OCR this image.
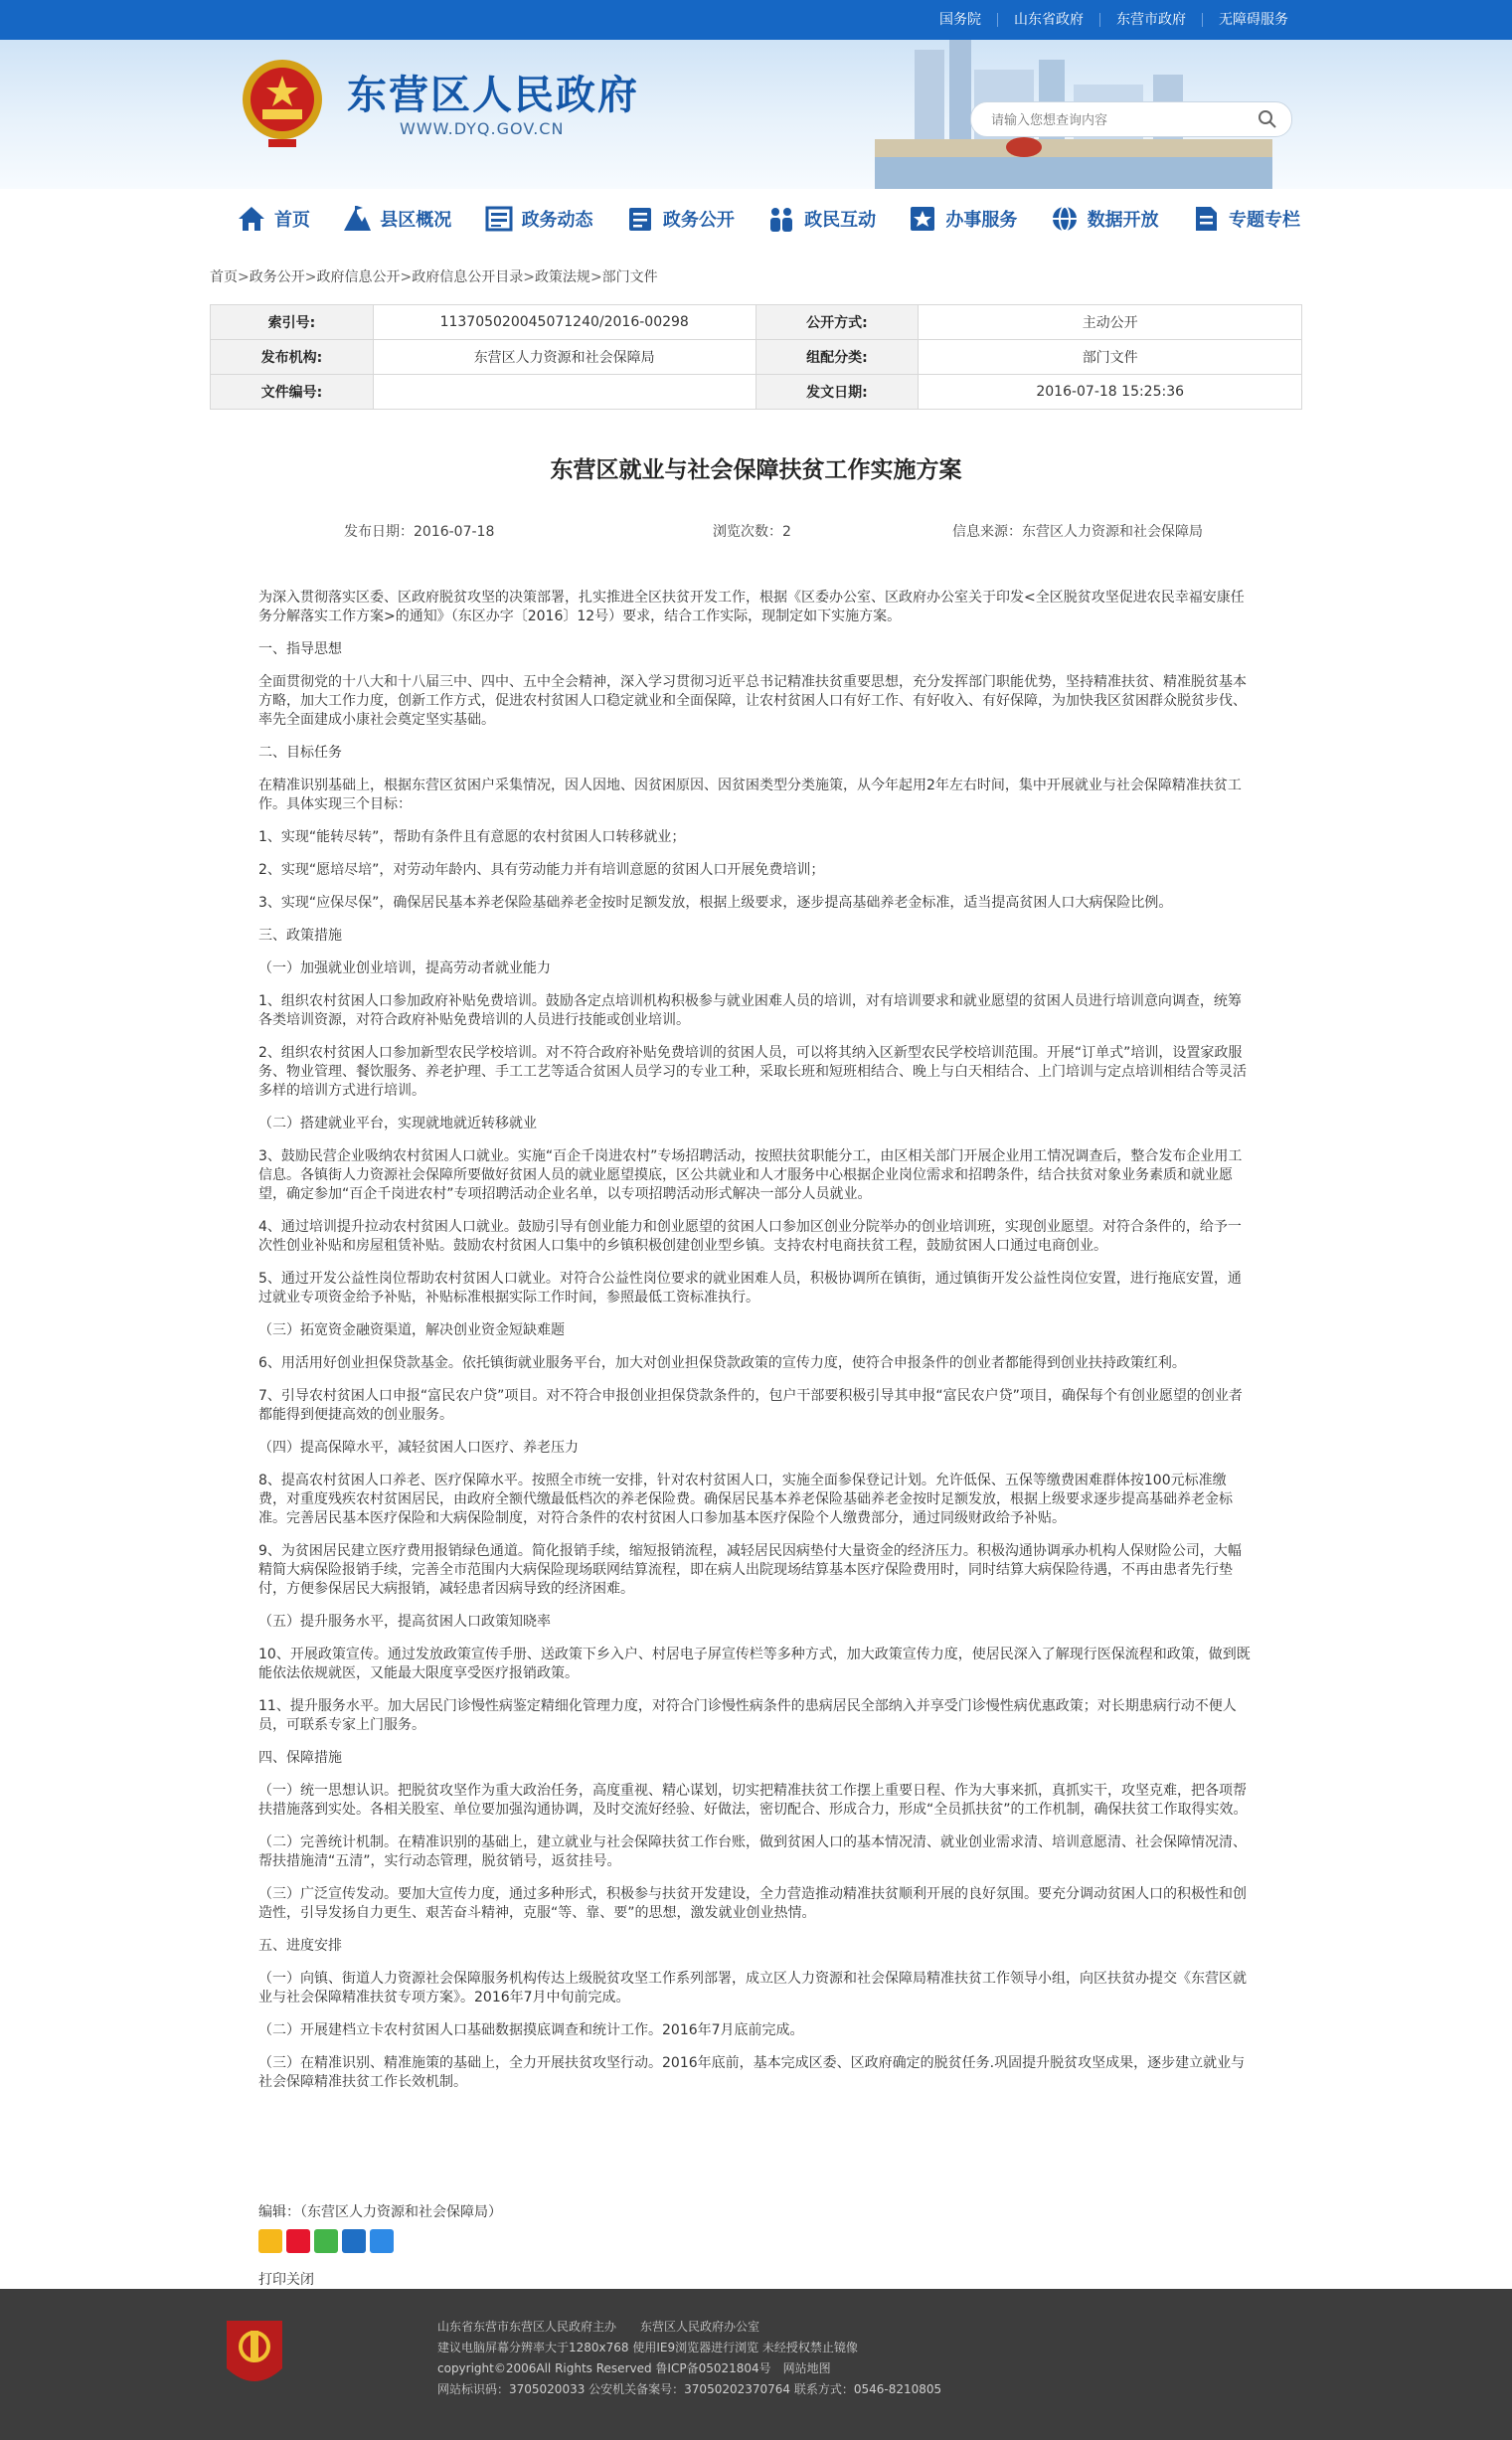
国务院	山东省政府	东营市政府	无障碍服务
东营区人民政府
WWW.DYQ.GOV.CN
请输入您想查询内容
首页	县区概况	政务动态	政务公开	政民互动	办事服务	数据开放	专题专栏
首页>政务公开>政府信息公开>政府信息公开目录>政策法规>部门文件
索引号:	113705020045071240/2016-00298	公开方式:	主动公开
发布机构:	东营区人力资源和社会保障局	组配分类:	部门文件
文件编号:		发文日期:	2016-07-18 15:25:36
东营区就业与社会保障扶贫工作实施方案
发布日期：2016-07-18	浏览次数：2	信息来源：东营区人力资源和社会保障局

为深入贯彻落实区委、区政府脱贫攻坚的决策部署，扎实推进全区扶贫开发工作，根据《区委办公室、区政府办公室关于印发<全区脱贫攻坚促进农民幸福安康任务分解落实工作方案>的通知》（东区办字〔2016〕12号）要求，结合工作实际，现制定如下实施方案。

一、指导思想

全面贯彻党的十八大和十八届三中、四中、五中全会精神，深入学习贯彻习近平总书记精准扶贫重要思想，充分发挥部门职能优势，坚持精准扶贫、精准脱贫基本方略，加大工作力度，创新工作方式，促进农村贫困人口稳定就业和全面保障，让农村贫困人口有好工作、有好收入、有好保障，为加快我区贫困群众脱贫步伐、率先全面建成小康社会奠定坚实基础。

二、目标任务

在精准识别基础上，根据东营区贫困户采集情况，因人因地、因贫困原因、因贫困类型分类施策，从今年起用2年左右时间，集中开展就业与社会保障精准扶贫工作。具体实现三个目标：

1、实现“能转尽转”，帮助有条件且有意愿的农村贫困人口转移就业；

2、实现“愿培尽培”，对劳动年龄内、具有劳动能力并有培训意愿的贫困人口开展免费培训；

3、实现“应保尽保”，确保居民基本养老保险基础养老金按时足额发放，根据上级要求，逐步提高基础养老金标准，适当提高贫困人口大病保险比例。

三、政策措施

（一）加强就业创业培训，提高劳动者就业能力

1、组织农村贫困人口参加政府补贴免费培训。鼓励各定点培训机构积极参与就业困难人员的培训，对有培训要求和就业愿望的贫困人员进行培训意向调查，统筹各类培训资源，对符合政府补贴免费培训的人员进行技能或创业培训。

2、组织农村贫困人口参加新型农民学校培训。对不符合政府补贴免费培训的贫困人员，可以将其纳入区新型农民学校培训范围。开展“订单式”培训，设置家政服务、物业管理、餐饮服务、养老护理、手工工艺等适合贫困人员学习的专业工种，采取长班和短班相结合、晚上与白天相结合、上门培训与定点培训相结合等灵活多样的培训方式进行培训。

（二）搭建就业平台，实现就地就近转移就业

3、鼓励民营企业吸纳农村贫困人口就业。实施“百企千岗进农村”专场招聘活动，按照扶贫职能分工，由区相关部门开展企业用工情况调查后，整合发布企业用工信息。各镇街人力资源社会保障所要做好贫困人员的就业愿望摸底，区公共就业和人才服务中心根据企业岗位需求和招聘条件，结合扶贫对象业务素质和就业愿望，确定参加“百企千岗进农村”专项招聘活动企业名单，以专项招聘活动形式解决一部分人员就业。

4、通过培训提升拉动农村贫困人口就业。鼓励引导有创业能力和创业愿望的贫困人口参加区创业分院举办的创业培训班，实现创业愿望。对符合条件的，给予一次性创业补贴和房屋租赁补贴。鼓励农村贫困人口集中的乡镇积极创建创业型乡镇。支持农村电商扶贫工程，鼓励贫困人口通过电商创业。

5、通过开发公益性岗位帮助农村贫困人口就业。对符合公益性岗位要求的就业困难人员，积极协调所在镇街，通过镇街开发公益性岗位安置，进行拖底安置，通过就业专项资金给予补贴，补贴标准根据实际工作时间，参照最低工资标准执行。

（三）拓宽资金融资渠道，解决创业资金短缺难题

6、用活用好创业担保贷款基金。依托镇街就业服务平台，加大对创业担保贷款政策的宣传力度，使符合申报条件的创业者都能得到创业扶持政策红利。

7、引导农村贫困人口申报“富民农户贷”项目。对不符合申报创业担保贷款条件的，包户干部要积极引导其申报“富民农户贷”项目，确保每个有创业愿望的创业者都能得到便捷高效的创业服务。

（四）提高保障水平，减轻贫困人口医疗、养老压力

8、提高农村贫困人口养老、医疗保障水平。按照全市统一安排，针对农村贫困人口，实施全面参保登记计划。允许低保、五保等缴费困难群体按100元标准缴费，对重度残疾农村贫困居民，由政府全额代缴最低档次的养老保险费。确保居民基本养老保险基础养老金按时足额发放，根据上级要求逐步提高基础养老金标准。完善居民基本医疗保险和大病保险制度，对符合条件的农村贫困人口参加基本医疗保险个人缴费部分，通过同级财政给予补贴。

9、为贫困居民建立医疗费用报销绿色通道。简化报销手续，缩短报销流程，减轻居民因病垫付大量资金的经济压力。积极沟通协调承办机构人保财险公司，大幅精简大病保险报销手续，完善全市范围内大病保险现场联网结算流程，即在病人出院现场结算基本医疗保险费用时，同时结算大病保险待遇，不再由患者先行垫付，方便参保居民大病报销，减轻患者因病导致的经济困难。

（五）提升服务水平，提高贫困人口政策知晓率

10、开展政策宣传。通过发放政策宣传手册、送政策下乡入户、村居电子屏宣传栏等多种方式，加大政策宣传力度，使居民深入了解现行医保流程和政策，做到既能依法依规就医，又能最大限度享受医疗报销政策。

11、提升服务水平。加大居民门诊慢性病鉴定精细化管理力度，对符合门诊慢性病条件的患病居民全部纳入并享受门诊慢性病优惠政策；对长期患病行动不便人员，可联系专家上门服务。

四、保障措施

（一）统一思想认识。把脱贫攻坚作为重大政治任务，高度重视、精心谋划，切实把精准扶贫工作摆上重要日程、作为大事来抓，真抓实干，攻坚克难，把各项帮扶措施落到实处。各相关股室、单位要加强沟通协调，及时交流好经验、好做法，密切配合、形成合力，形成“全员抓扶贫”的工作机制，确保扶贫工作取得实效。

（二）完善统计机制。在精准识别的基础上，建立就业与社会保障扶贫工作台账，做到贫困人口的基本情况清、就业创业需求清、培训意愿清、社会保障情况清、帮扶措施清“五清”，实行动态管理，脱贫销号，返贫挂号。

（三）广泛宣传发动。要加大宣传力度，通过多种形式，积极参与扶贫开发建设，全力营造推动精准扶贫顺利开展的良好氛围。要充分调动贫困人口的积极性和创造性，引导发扬自力更生、艰苦奋斗精神，克服“等、靠、要”的思想，激发就业创业热情。

五、进度安排

（一）向镇、街道人力资源社会保障服务机构传达上级脱贫攻坚工作系列部署，成立区人力资源和社会保障局精准扶贫工作领导小组，向区扶贫办提交《东营区就业与社会保障精准扶贫专项方案》。2016年7月中旬前完成。

（二）开展建档立卡农村贫困人口基础数据摸底调查和统计工作。2016年7月底前完成。

（三）在精准识别、精准施策的基础上，全力开展扶贫攻坚行动。2016年底前，基本完成区委、区政府确定的脱贫任务.巩固提升脱贫攻坚成果，逐步建立就业与社会保障精准扶贫工作长效机制。

编辑：（东营区人力资源和社会保障局）
打印关闭
山东省东营市东营区人民政府主办　　东营区人民政府办公室
建议电脑屏幕分辨率大于1280x768 使用IE9浏览器进行浏览 未经授权禁止镜像
copyright©2006All Rights Reserved 鲁ICP备05021804号　网站地图
网站标识码：3705020033 公安机关备案号：37050202370764 联系方式：0546-8210805
